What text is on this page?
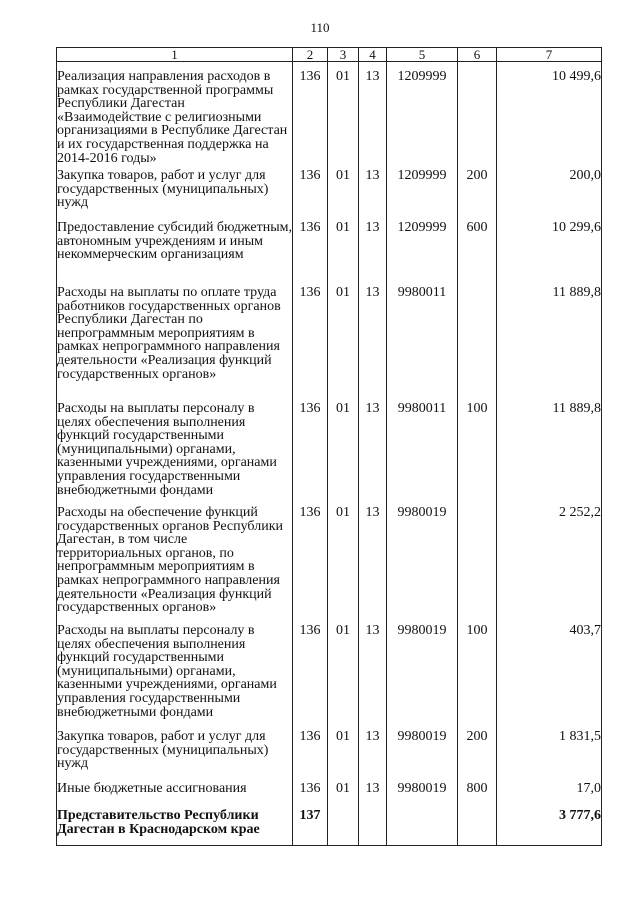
110
1	2	3	4	5	6	7
Реализация направления расходов в рамках государственной программы Республики Дагестан «Взаимодействие с религиозными организациями в Республике Дагестан и их государственная поддержка на 2014-2016 годы»	136	01	13	1209999		10 499,6
Закупка товаров, работ и услуг для государственных (муниципальных) нужд	136	01	13	1209999	200	200,0
Предоставление субсидий бюджетным, автономным учреждениям и иным некоммерческим организациям	136	01	13	1209999	600	10 299,6
Расходы на выплаты по оплате труда работников государственных органов Республики Дагестан по непрограммным мероприятиям в рамках непрограммного направления деятельности «Реализация функций государственных органов»	136	01	13	9980011		11 889,8
Расходы на выплаты персоналу в целях обеспечения выполнения функций государственными (муниципальными) органами, казенными учреждениями, органами управления государственными внебюджетными фондами	136	01	13	9980011	100	11 889,8
Расходы на обеспечение функций государственных органов Республики Дагестан, в том числе территориальных органов, по непрограммным мероприятиям в рамках непрограммного направления деятельности «Реализация функций государственных органов»	136	01	13	9980019		2 252,2
Расходы на выплаты персоналу в целях обеспечения выполнения функций государственными (муниципальными) органами, казенными учреждениями, органами управления государственными внебюджетными фондами	136	01	13	9980019	100	403,7
Закупка товаров, работ и услуг для государственных (муниципальных) нужд	136	01	13	9980019	200	1 831,5
Иные бюджетные ассигнования	136	01	13	9980019	800	17,0
Представительство Республики Дагестан в Краснодарском крае	137					3 777,6
